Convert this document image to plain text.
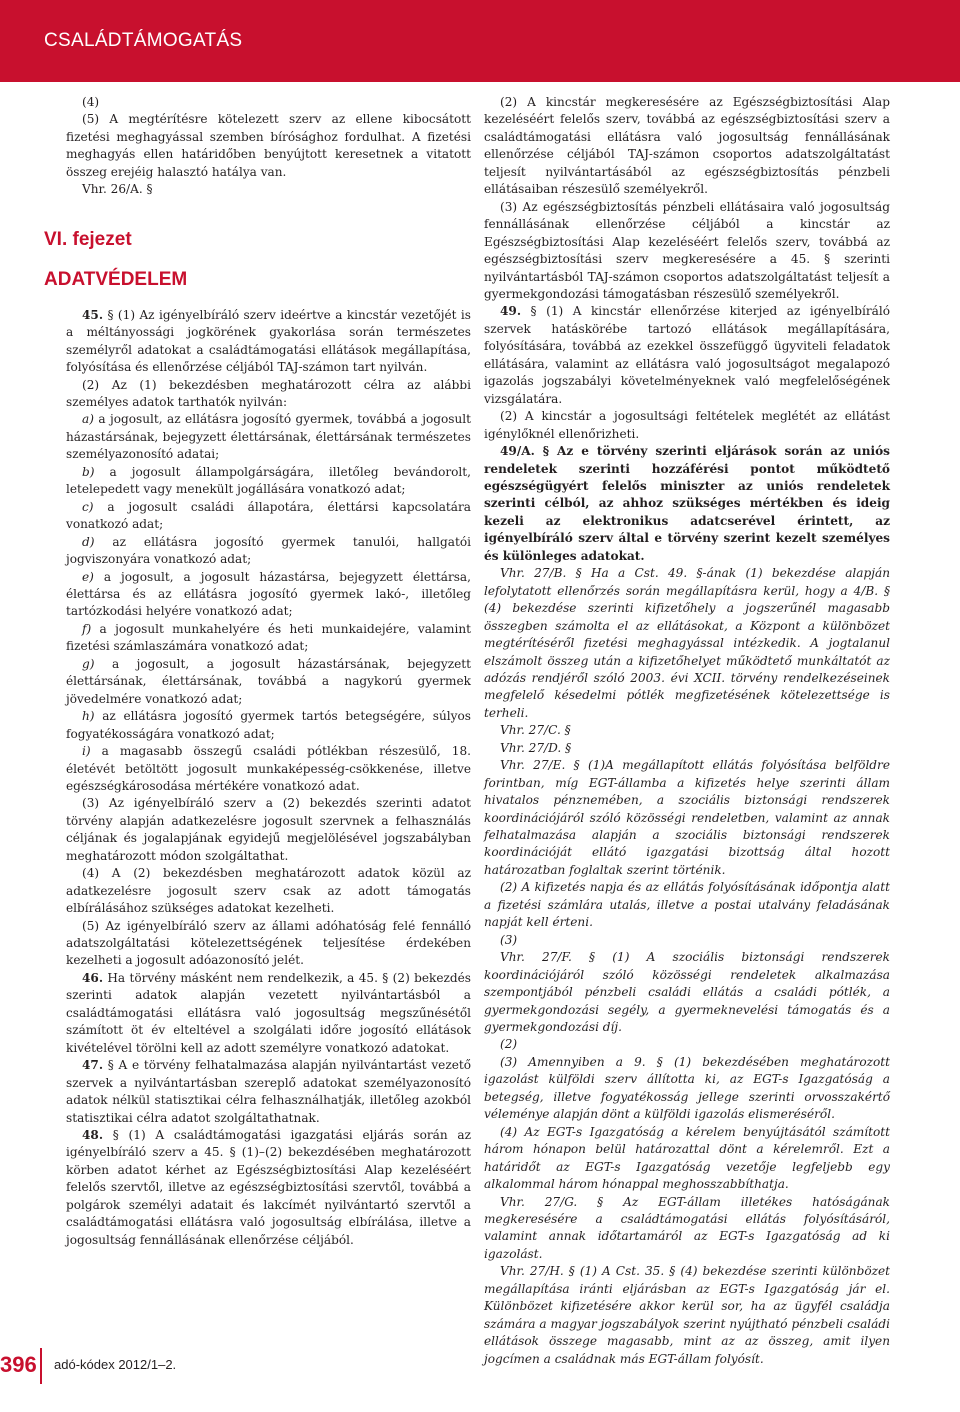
CSALÁDTÁMOGATÁS

(4)

(5) A megtérítésre kötelezett szerv az ellene kibocsátott fizetési meghagyással szemben bírósághoz fordulhat. A fizetési meghagyás ellen határidőben benyújtott keresetnek a vitatott összeg erejéig halasztó hatálya van.

Vhr. 26/A. §

VI. fejezet
ADATVÉDELEM

45. § (1) Az igényelbíráló szerv ideértve a kincstár vezetőjét is a méltányossági jogkörének gyakorlása során természetes személyről adatokat a családtámogatási ellátások megállapítása, folyósítása és ellenőrzése céljából TAJ-számon tart nyilván.

(2) Az (1) bekezdésben meghatározott célra az alábbi személyes adatok tarthatók nyilván:

a) a jogosult, az ellátásra jogosító gyermek, továbbá a jogosult házastársának, bejegyzett élettársának, élettársának természetes személyazonosító adatai;

b) a jogosult állampolgárságára, illetőleg bevándorolt, letelepedett vagy menekült jogállására vonatkozó adat;

c) a jogosult családi állapotára, élettársi kapcsolatára vonatkozó adat;

d) az ellátásra jogosító gyermek tanulói, hallgatói jogviszonyára vonatkozó adat;

e) a jogosult, a jogosult házastársa, bejegyzett élettársa, élettársa és az ellátásra jogosító gyermek lakó-, illetőleg tartózkodási helyére vonatkozó adat;

f) a jogosult munkahelyére és heti munkaidejére, valamint fizetési számlaszámára vonatkozó adat;

g) a jogosult, a jogosult házastársának, bejegyzett élettársának, élettársának, továbbá a nagykorú gyermek jövedelmére vonatkozó adat;

h) az ellátásra jogosító gyermek tartós betegségére, súlyos fogyatékosságára vonatkozó adat;

i) a magasabb összegű családi pótlékban részesülő, 18. életévét betöltött jogosult munkaképesség-csökkenése, illetve egészségkárosodása mértékére vonatkozó adat.

(3) Az igényelbíráló szerv a (2) bekezdés szerinti adatot törvény alapján adatkezelésre jogosult szervnek a felhasználás céljának és jogalapjának egyidejű megjelölésével jogszabályban meghatározott módon szolgáltathat.

(4) A (2) bekezdésben meghatározott adatok közül az adatkezelésre jogosult szerv csak az adott támogatás elbírálásához szükséges adatokat kezelheti.

(5) Az igényelbíráló szerv az állami adóhatóság felé fennálló adatszolgáltatási kötelezettségének teljesítése érdekében kezelheti a jogosult adóazonosító jelét.

46. Ha törvény másként nem rendelkezik, a 45. § (2) bekezdés szerinti adatok alapján vezetett nyilvántartásból a családtámogatási ellátásra való jogosultság megszűnésétől számított öt év elteltével a szolgálati időre jogosító ellátások kivételével törölni kell az adott személyre vonatkozó adatokat.

47. § A e törvény felhatalmazása alapján nyilvántartást vezető szervek a nyilvántartásban szereplő adatokat személyazonosító adatok nélkül statisztikai célra felhasználhatják, illetőleg azokból statisztikai célra adatot szolgáltathatnak.

48. § (1) A családtámogatási igazgatási eljárás során az igényelbíráló szerv a 45. § (1)–(2) bekezdésében meghatározott körben adatot kérhet az Egészségbiztosítási Alap kezeléséért felelős szervtől, illetve az egészségbiztosítási szervtől, továbbá a polgárok személyi adatait és lakcímét nyilvántartó szervtől a családtámogatási ellátásra való jogosultság elbírálása, illetve a jogosultság fennállásának ellenőrzése céljából.

(2) A kincstár megkeresésére az Egészségbiztosítási Alap kezeléséért felelős szerv, továbbá az egészségbiztosítási szerv a családtámogatási ellátásra való jogosultság fennállásának ellenőrzése céljából TAJ-számon csoportos adatszolgáltatást teljesít nyilvántartásából az egészségbiztosítás pénzbeli ellátásaiban részesülő személyekről.

(3) Az egészségbiztosítás pénzbeli ellátásaira való jogosultság fennállásának ellenőrzése céljából a kincstár az Egészségbiztosítási Alap kezeléséért felelős szerv, továbbá az egészségbiztosítási szerv megkeresésére a 45. § szerinti nyilvántartásból TAJ-számon csoportos adatszolgáltatást teljesít a gyermekgondozási támogatásban részesülő személyekről.

49. § (1) A kincstár ellenőrzése kiterjed az igényelbíráló szervek hatáskörébe tartozó ellátások megállapítására, folyósítására, továbbá az ezekkel összefüggő ügyviteli feladatok ellátására, valamint az ellátásra való jogosultságot megalapozó igazolás jogszabályi követelményeknek való megfelelőségének vizsgálatára.

(2) A kincstár a jogosultsági feltételek meglétét az ellátást igénylőknél ellenőrizheti.

49/A. § Az e törvény szerinti eljárások során az uniós rendeletek szerinti hozzáférési pontot működtető egészségügyért felelős miniszter az uniós rendeletek szerinti célból, az ahhoz szükséges mértékben és ideig kezeli az elektronikus adatcserével érintett, az igényelbíráló szerv által e törvény szerint kezelt személyes és különleges adatokat.

Vhr. 27/B. § Ha a Cst. 49. §-ának (1) bekezdése alapján lefolytatott ellenőrzés során megállapításra kerül, hogy a 4/B. § (4) bekezdése szerinti kifizetőhely a jogszerűnél magasabb összegben számolta el az ellátásokat, a Központ a különbözet megtérítéséről fizetési meghagyással intézkedik. A jogtalanul elszámolt összeg után a kifizetőhelyet működtető munkáltatót az adózás rendjéről szóló 2003. évi XCII. törvény rendelkezéseinek megfelelő késedelmi pótlék megfizetésének kötelezettsége is terheli.

Vhr. 27/C. §

Vhr. 27/D. §

Vhr. 27/E. § (1)A megállapított ellátás folyósítása belföldre forintban, míg EGT-államba a kifizetés helye szerinti állam hivatalos pénznemében, a szociális biztonsági rendszerek koordinációjáról szóló közösségi rendeletben, valamint az annak felhatalmazása alapján a szociális biztonsági rendszerek koordinációját ellátó igazgatási bizottság által hozott határozatban foglaltak szerint történik.

(2) A kifizetés napja és az ellátás folyósításának időpontja alatt a fizetési számlára utalás, illetve a postai utalvány feladásának napját kell érteni.

(3)

Vhr. 27/F. § (1) A szociális biztonsági rendszerek koordinációjáról szóló közösségi rendeletek alkalmazása szempontjából pénzbeli családi ellátás a családi pótlék, a gyermekgondozási segély, a gyermeknevelési támogatás és a gyermekgondozási díj.

(2)

(3) Amennyiben a 9. § (1) bekezdésében meghatározott igazolást külföldi szerv állította ki, az EGT-s Igazgatóság a betegség, illetve fogyatékosság jellege szerinti orvosszakértő véleménye alapján dönt a külföldi igazolás elismeréséről.

(4) Az EGT-s Igazgatóság a kérelem benyújtásától számított három hónapon belül határozattal dönt a kérelemről. Ezt a határidőt az EGT-s Igazgatóság vezetője legfeljebb egy alkalommal három hónappal meghosszabbíthatja.

Vhr. 27/G. § Az EGT-állam illetékes hatóságának megkeresésére a családtámogatási ellátás folyósításáról, valamint annak időtartamáról az EGT-s Igazgatóság ad ki igazolást.

Vhr. 27/H. § (1) A Cst. 35. § (4) bekezdése szerinti különbözet megállapítása iránti eljárásban az EGT-s Igazgatóság jár el. Különbözet kifizetésére akkor kerül sor, ha az ügyfél családja számára a magyar jogszabályok szerint nyújtható pénzbeli családi ellátások összege magasabb, mint az az összeg, amit ilyen jogcímen a családnak más EGT-állam folyósít.

396 adó-kódex 2012/1–2.
